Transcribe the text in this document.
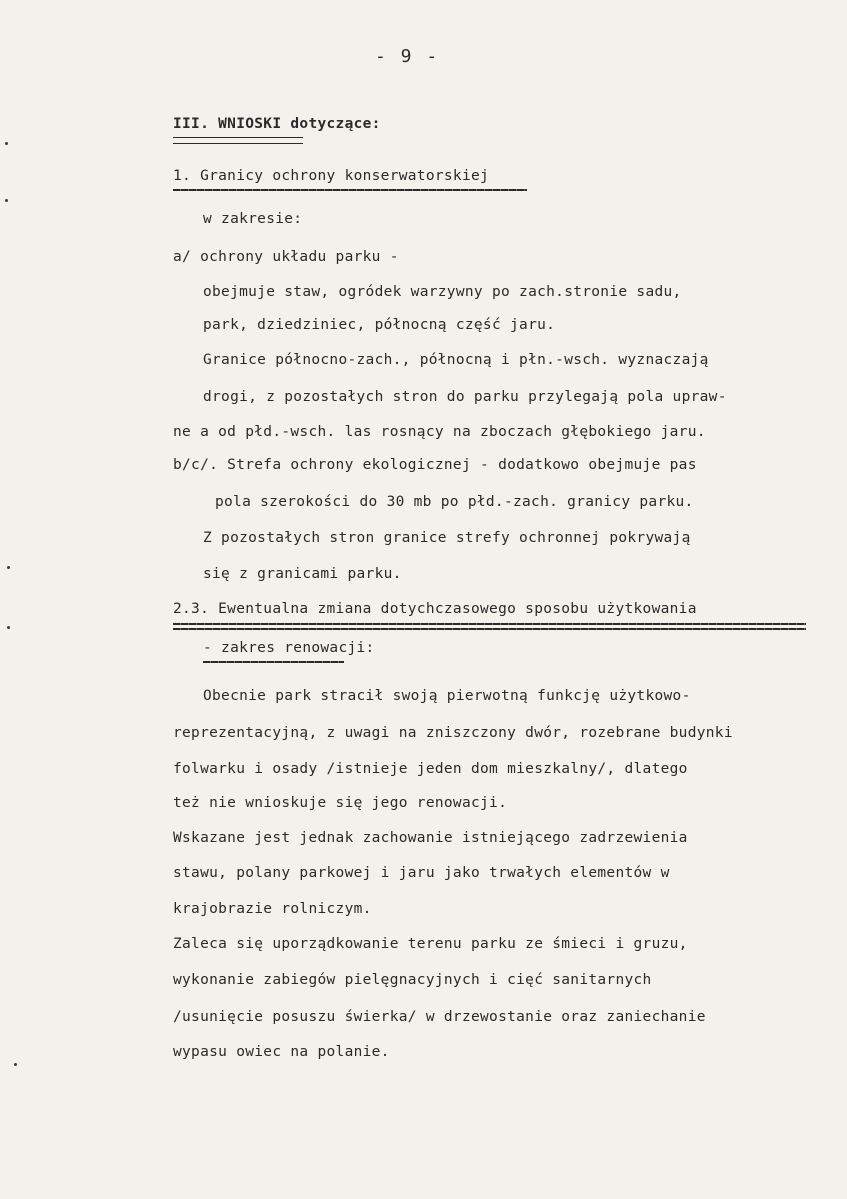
- 9 -
III. WNIOSKI dotyczące:
1. Granicy ochrony konserwatorskiej
w zakresie:
a/ ochrony układu parku -
obejmuje staw, ogródek warzywny po zach.stronie sadu,
park, dziedziniec, północną część jaru.
Granice północno-zach., północną i płn.-wsch. wyznaczają
drogi, z pozostałych stron do parku przylegają pola upraw-
ne a od płd.-wsch. las rosnący na zboczach głębokiego jaru.
b/c/. Strefa ochrony ekologicznej - dodatkowo obejmuje pas
pola szerokości do 30 mb po płd.-zach. granicy parku.
Z pozostałych stron granice strefy ochronnej pokrywają
się z granicami parku.
2.3. Ewentualna zmiana dotychczasowego sposobu użytkowania
- zakres renowacji:
Obecnie park stracił swoją pierwotną funkcję użytkowo-
reprezentacyjną, z uwagi na zniszczony dwór, rozebrane budynki
folwarku i osady /istnieje jeden dom mieszkalny/, dlatego
też nie wnioskuje się jego renowacji.
Wskazane jest jednak zachowanie istniejącego zadrzewienia
stawu, polany parkowej i jaru jako trwałych elementów w
krajobrazie rolniczym.
Zaleca się uporządkowanie terenu parku ze śmieci i gruzu,
wykonanie zabiegów pielęgnacyjnych i cięć sanitarnych
/usunięcie posuszu świerka/ w drzewostanie oraz zaniechanie
wypasu owiec na polanie.
